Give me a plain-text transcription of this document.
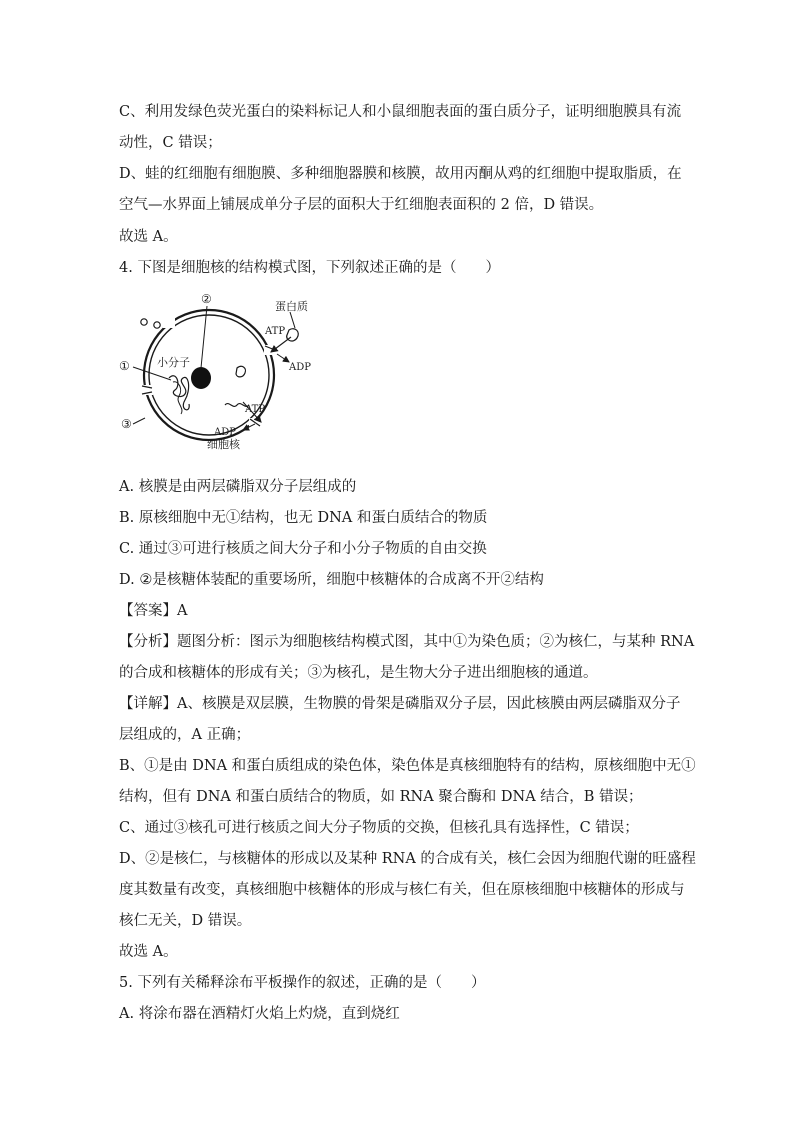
C、利用发绿色荧光蛋白的染料标记人和小鼠细胞表面的蛋白质分子，证明细胞膜具有流
动性，C 错误；
D、蛙的红细胞有细胞膜、多种细胞器膜和核膜，故用丙酮从鸡的红细胞中提取脂质，在
空气—水界面上铺展成单分子层的面积大于红细胞表面积的 2 倍，D 错误。
故选 A。
4. 下图是细胞核的结构模式图，下列叙述正确的是（　　）
①
②
③
蛋白质
ATP
ADP
小分子
ATP
ADP
细胞核
A. 核膜是由两层磷脂双分子层组成的
B. 原核细胞中无①结构，也无 DNA 和蛋白质结合的物质
C. 通过③可进行核质之间大分子和小分子物质的自由交换
D. ②是核糖体装配的重要场所，细胞中核糖体的合成离不开②结构
【答案】A
【分析】题图分析：图示为细胞核结构模式图，其中①为染色质；②为核仁，与某种 RNA
的合成和核糖体的形成有关；③为核孔，是生物大分子进出细胞核的通道。
【详解】A、核膜是双层膜，生物膜的骨架是磷脂双分子层，因此核膜由两层磷脂双分子
层组成的，A 正确；
B、①是由 DNA 和蛋白质组成的染色体，染色体是真核细胞特有的结构，原核细胞中无①
结构，但有 DNA 和蛋白质结合的物质，如 RNA 聚合酶和 DNA 结合，B 错误；
C、通过③核孔可进行核质之间大分子物质的交换，但核孔具有选择性，C 错误；
D、②是核仁，与核糖体的形成以及某种 RNA 的合成有关，核仁会因为细胞代谢的旺盛程
度其数量有改变，真核细胞中核糖体的形成与核仁有关，但在原核细胞中核糖体的形成与
核仁无关，D 错误。
故选 A。
5. 下列有关稀释涂布平板操作的叙述，正确的是（　　）
A. 将涂布器在酒精灯火焰上灼烧，直到烧红
